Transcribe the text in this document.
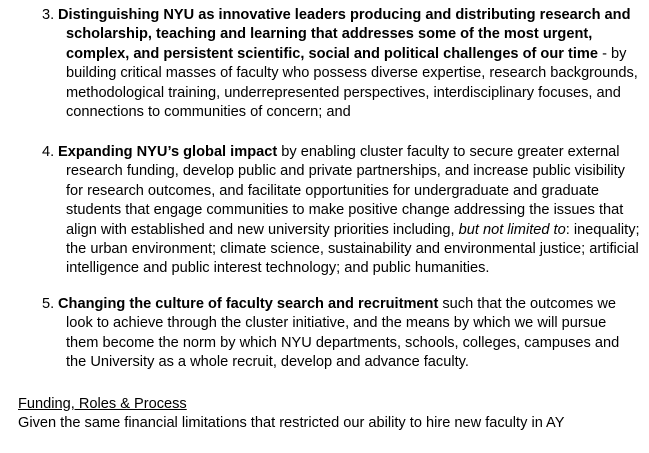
3. Distinguishing NYU as innovative leaders producing and distributing research and scholarship, teaching and learning that addresses some of the most urgent, complex, and persistent scientific, social and political challenges of our time - by building critical masses of faculty who possess diverse expertise, research backgrounds, methodological training, underrepresented perspectives, interdisciplinary focuses, and connections to communities of concern; and
4. Expanding NYU’s global impact by enabling cluster faculty to secure greater external research funding, develop public and private partnerships, and increase public visibility for research outcomes, and facilitate opportunities for undergraduate and graduate students that engage communities to make positive change addressing the issues that align with established and new university priorities including, but not limited to: inequality; the urban environment; climate science, sustainability and environmental justice; artificial intelligence and public interest technology; and public humanities.
5. Changing the culture of faculty search and recruitment such that the outcomes we look to achieve through the cluster initiative, and the means by which we will pursue them become the norm by which NYU departments, schools, colleges, campuses and the University as a whole recruit, develop and advance faculty.
Funding, Roles & Process
Given the same financial limitations that restricted our ability to hire new faculty in AY
